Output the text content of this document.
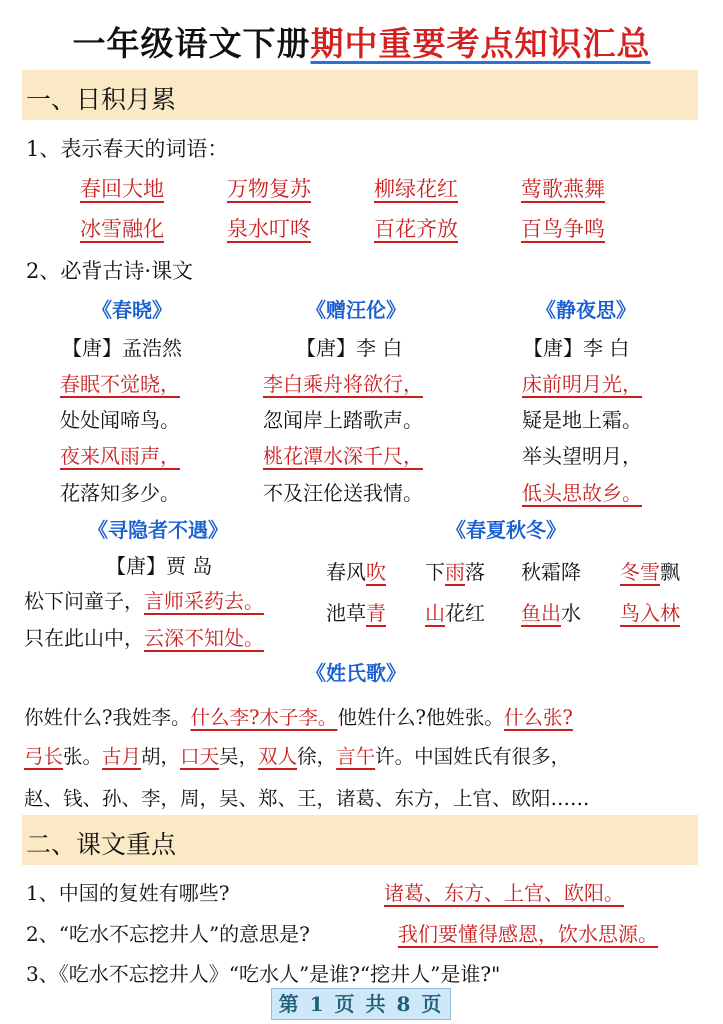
一年级语文下册期中重要考点知识汇总
一、日积月累
1、表示春天的词语：
春回大地	万物复苏	柳绿花红	莺歌燕舞
冰雪融化	泉水叮咚	百花齐放	百鸟争鸣
2、必背古诗·课文
《春晓》
【唐】孟浩然
春眠不觉晓，
处处闻啼鸟。
夜来风雨声，
花落知多少。
《赠汪伦》
【唐】李 白
李白乘舟将欲行，
忽闻岸上踏歌声。
桃花潭水深千尺，
不及汪伦送我情。
《静夜思》
【唐】李 白
床前明月光，
疑是地上霜。
举头望明月，
低头思故乡。
《寻隐者不遇》
【唐】贾 岛
松下问童子，言师采药去。
只在此山中，云深不知处。
《春夏秋冬》
春风吹 下雨落 秋霜降 冬雪飘
池草青 山花红 鱼出水 鸟入林
《姓氏歌》
你姓什么?我姓李。什么李?木子李。他姓什么?他姓张。什么张?
弓长张。古月胡，口天吴，双人徐，言午许。中国姓氏有很多，
赵、钱、孙、李，周，吴、郑、王，诸葛、东方，上官、欧阳……
二、课文重点
1、中国的复姓有哪些?	诸葛、东方、上官、欧阳。
2、“吃水不忘挖井人”的意思是?	我们要懂得感恩，饮水思源。
3、《吃水不忘挖井人》“吃水人”是谁?“挖井人”是谁?"
第 1 页 共 8 页
